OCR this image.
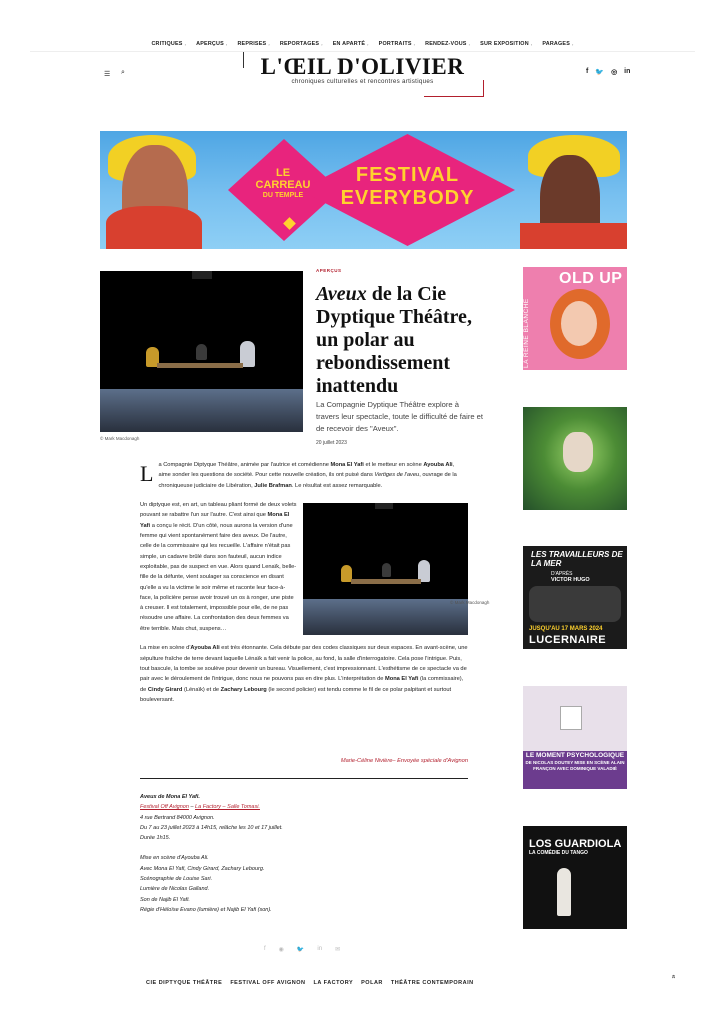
CRITIQUES › APERÇUS › REPRISES › REPORTAGES › EN APARTÉ › PORTRAITS › RENDEZ-VOUS › SUR EXPOSITION › PARAGES ›
L'ŒIL D'OLIVIER
chroniques culturelles et rencontres artistiques
☰ ⌕	f 🐦 ◎ in
LE CARREAU
DU TEMPLE
FESTIVAL EVERYBODY
© Mark Macdonagh
APERÇUS
Aveux de la Cie Dyptique Théâtre, un polar au rebondissement inattendu
La Compagnie Dyptique Théâtre explore à travers leur spectacle, toute le difficulté de faire et de recevoir des "Aveux".
20 juillet 2023

La Compagnie Diptyque Théâtre, animée par l'autrice et comédienne Mona El Yafi et le metteur en scène Ayouba Ali, aime sonder les questions de société. Pour cette nouvelle création, ils ont puisé dans Vertiges de l'aveu, ouvrage de la chroniqueuse judiciaire de Libération, Julie Brafman. Le résultat est assez remarquable.

Un diptyque est, en art, un tableau pliant formé de deux volets pouvant se rabattre l'un sur l'autre. C'est ainsi que Mona El Yafi a conçu le récit. D'un côté, nous aurons la version d'une femme qui vient spontanément faire des aveux. De l'autre, celle de la commissaire qui les recueille. L'affaire n'était pas simple, un cadavre brûlé dans son fauteuil, aucun indice exploitable, pas de suspect en vue. Alors quand Lenaïk, belle-fille de la défunte, vient soulager sa conscience en disant qu'elle a vu la victime le soir même et raconte leur face-à-face, la policière pense avoir trouvé un os à ronger, une piste à creuser. Il est totalement, impossible pour elle, de ne pas résoudre une affaire. La confrontation des deux femmes va être terrible. Mais chut, suspens…

La mise en scène d'Ayouba Ali est très étonnante. Cela débute par des codes classiques sur deux espaces. En avant-scène, une sépulture fraîche de terre devant laquelle Lénaïk a fait venir la police, au fond, la salle d'interrogatoire. Cela pose l'intrigue. Puis, tout bascule, la tombe se soulève pour devenir un bureau. Visuellement, c'est impressionnant. L'esthétisme de ce spectacle va de pair avec le déroulement de l'intrigue, donc nous ne pouvons pas en dire plus. L'interprétation de Mona El Yafi (la commissaire), de Cindy Girard (Lénaïk) et de Zachary Lebourg (le second policier) est tendu comme le fil de ce polar palpitant et surtout bouleversant.

© Mark Macdonagh
Marie-Céline Nivière– Envoyée spéciale d'Avignon
Aveux de Mona El Yafi.
Festival Off Avignon – La Factory – Salle Tomasi.
4 rue Bertrand 84000 Avignon.
Du 7 au 23 juillet 2023 à 14h15, relâche les 10 et 17 juillet.
Durée 1h15.
Mise en scène d'Ayouba Ali.
Avec Mona El Yafi, Cindy Girard, Zachary Lebourg.
Scénographie de Louise Sari.
Lumière de Nicolas Galland.
Son de Najib El Yafi.
Régie d'Héloïse Evano (lumière) et Najib El Yafi (son).
f ◉ 🐦 in ✉
CIE DIPTYQUE THÉÂTRE FESTIVAL OFF AVIGNON LA FACTORY POLAR THÉÂTRE CONTEMPORAIN
»
LA REINE BLANCHE
OLD UP
LES TRAVAILLEURS DE LA MER
D'APRÈS
VICTOR HUGO
JUSQU'AU 17 MARS 2024
LUCERNAIRE
LE MOMENT PSYCHOLOGIQUE
DE NICOLAS DOUTEY MISE EN SCÈNE ALAIN FRANÇON AVEC DOMINIQUE VALADIÉ
LOS GUARDIOLA
LA COMÉDIE DU TANGO
